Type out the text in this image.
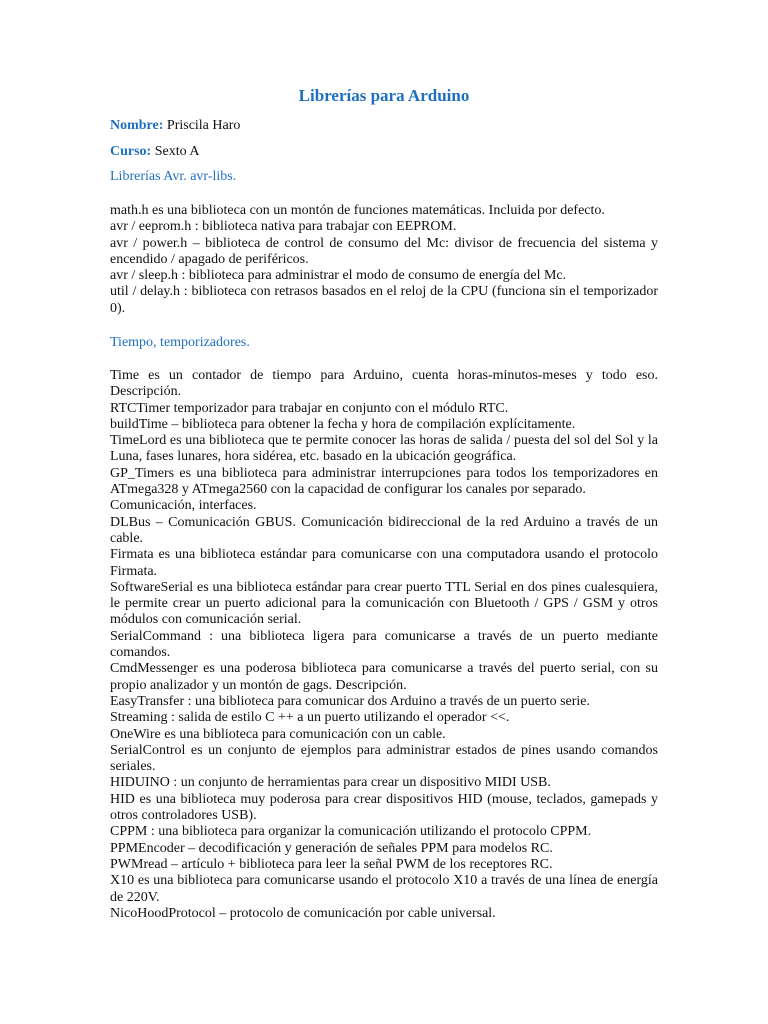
Librerías para Arduino
Nombre: Priscila Haro
Curso: Sexto A
Librerías Avr. avr-libs.

math.h es una biblioteca con un montón de funciones matemáticas. Incluida por defecto.

avr / eeprom.h : biblioteca nativa para trabajar con EEPROM.

avr / power.h – biblioteca de control de consumo del Mc: divisor de frecuencia del sistema y encendido / apagado de periféricos.

avr / sleep.h : biblioteca para administrar el modo de consumo de energía del Mc.

util / delay.h : biblioteca con retrasos basados en el reloj de la CPU (funciona sin el temporizador 0).

Tiempo, temporizadores.

Time es un contador de tiempo para Arduino, cuenta horas-minutos-meses y todo eso. Descripción.

RTCTimer temporizador para trabajar en conjunto con el módulo RTC.

buildTime – biblioteca para obtener la fecha y hora de compilación explícitamente.

TimeLord es una biblioteca que te permite conocer las horas de salida / puesta del sol del Sol y la Luna, fases lunares, hora sidérea, etc. basado en la ubicación geográfica.

GP_Timers es una biblioteca para administrar interrupciones para todos los temporizadores en ATmega328 y ATmega2560 con la capacidad de configurar los canales por separado.

Comunicación, interfaces.

DLBus – Comunicación GBUS. Comunicación bidireccional de la red Arduino a través de un cable.

Firmata es una biblioteca estándar para comunicarse con una computadora usando el protocolo Firmata.

SoftwareSerial es una biblioteca estándar para crear puerto TTL Serial en dos pines cualesquiera, le permite crear un puerto adicional para la comunicación con Bluetooth / GPS / GSM y otros módulos con comunicación serial.

SerialCommand : una biblioteca ligera para comunicarse a través de un puerto mediante comandos.

CmdMessenger es una poderosa biblioteca para comunicarse a través del puerto serial, con su propio analizador y un montón de gags. Descripción.

EasyTransfer : una biblioteca para comunicar dos Arduino a través de un puerto serie.

Streaming : salida de estilo C ++ a un puerto utilizando el operador <<.

OneWire es una biblioteca para comunicación con un cable.

SerialControl es un conjunto de ejemplos para administrar estados de pines usando comandos seriales.

HIDUINO : un conjunto de herramientas para crear un dispositivo MIDI USB.

HID es una biblioteca muy poderosa para crear dispositivos HID (mouse, teclados, gamepads y otros controladores USB).

CPPM : una biblioteca para organizar la comunicación utilizando el protocolo CPPM.

PPMEncoder – decodificación y generación de señales PPM para modelos RC.

PWMread – artículo + biblioteca para leer la señal PWM de los receptores RC.

X10 es una biblioteca para comunicarse usando el protocolo X10 a través de una línea de energía de 220V.

NicoHoodProtocol – protocolo de comunicación por cable universal.
